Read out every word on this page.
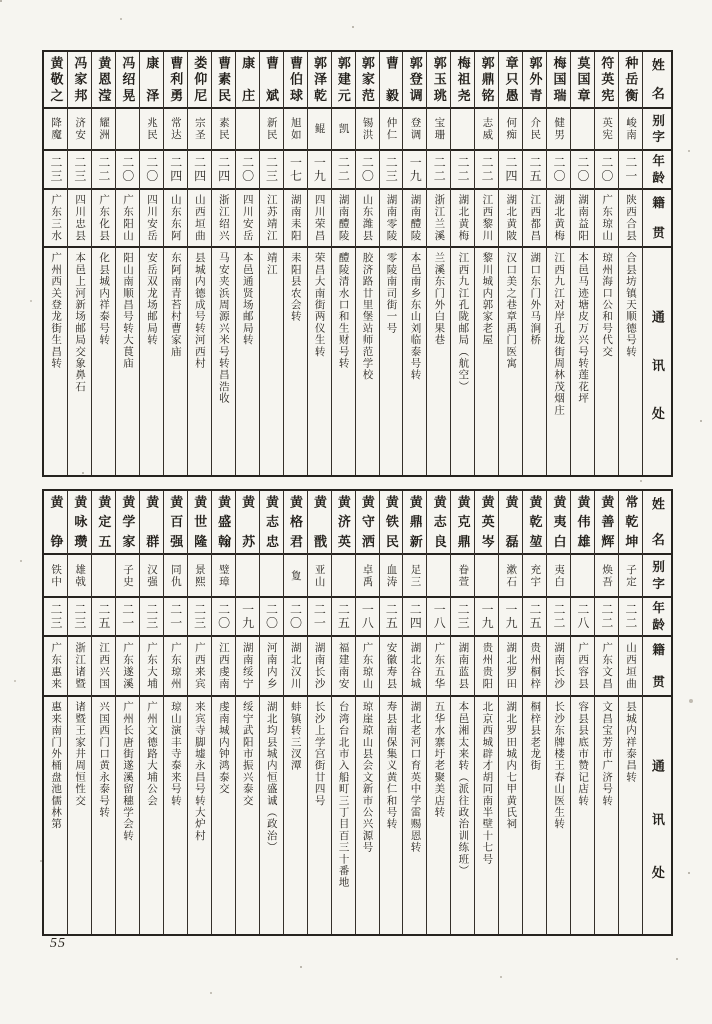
姓名
别字
年龄
籍贯
通讯处
种岳衡
峻南
二一
陕西合县
合县坊镇天顺德号转
符英宪
英宪
二〇
广东琼山
琼州海口公和号代交
莫国章
二〇
湖南益阳
本邑马迹塘皮万兴号转莲花坪
梅国瑞
健男
二〇
湖北黄梅
江西九江对岸孔垅街周林茂烟庄
郭外青
介民
二五
江西都昌
湖口东门外马涧桥
章只愚
何痴
二四
湖北黄陂
汉口美之巷章禹门医寓
郭鼎铭
志威
二二
江西黎川
黎川城内郭家老屋
梅祖尧
二二
湖北黄梅
江西九江孔陇邮局（航空）
郭玉珧
宝珊
二二
浙江兰溪
兰溪东门外白果巷
郭登调
登调
一九
湖南醴陵
本邑南乡东山刘临泰号转
曹毅
仲仁
二三
湖南零陵
零陵南司街一号
郭家范
锡洪
二〇
山东潍县
胶济路廿里堡站师范学校
郭建元
凯
二二
湖南醴陵
醴陵清水口和生财号转
郭泽乾
鲲
一九
四川荣昌
荣昌大南街两仪生转
曹伯球
旭如
一七
湖南耒阳
耒阳县农会转
曹斌
新民
二三
江苏靖江
靖江
康庄
二〇
四川安岳
本邑通贤场邮局转
曹素民
素民
二四
浙江绍兴
马安夹浜周源兴米号转昌浩收
娄仰尼
宗圣
二四
山西垣曲
县城内德成号转河西村
曹利勇
常达
二四
山东东阿
东阿南青苔村曹家庙
康泽
兆民
二〇
四川安岳
安岳双龙场邮局转
冯绍晃
二〇
广东阳山
阳山南顺昌号转大茛庙
黄恩滢
耀洲
二二
广东化县
化县城内祥泰号转
冯家邦
济安
二三
四川忠县
本邑上河新场邮局交象鼻石
黄敬之
降魔
二三
广东三水
广州西关登龙街生昌转
姓名
别字
年龄
籍贯
通讯处
常乾坤
子定
二二
山西垣曲
县城内祥泰昌转
黄善辉
焕吾
二二
广东文昌
文昌宝芳市广济号转
黄伟雄
二八
广西容县
容县县底市赞记店转
黄夷白
夷白
二二
湖南长沙
长沙东牌楼王春山医生转
黄乾堃
充宇
二五
贵州桐梓
桐梓县老龙街
黄磊
漱石
一九
湖北罗田
湖北罗田城内七甲黄氏祠
黄英岑
一九
贵州贵阳
北京西城辟才胡同南半壁十七号
黄克鼎
眷萱
二三
湖南蓝县
本邑湘太来转（派往政治训练班）
黄志良
一八
广东五华
五华水寨圩老聚美店转
黄鼎新
足三
二四
湖北谷城
湖北老河口育英中学雷赐恩转
黄铁民
血涛
二五
安徽寿县
寿县南保集义黄仁和号转
黄守洒
卓禹
一八
广东琼山
琼崖琼山县会文新市公兴源号
黄济英
二五
福建南安
台湾台北市入船町三丁目百三十番地
黄戬
亚山
二一
湖南长沙
长沙上学宫街廿四号
黄格君
夐
二〇
湖北汉川
蚌镇转三汊潭
黄志忠
二〇
河南内乡
湖北均县城内恒盛诚（政治）
黄苏
一九
湖南绥宁
绥宁武阳市振兴泰交
黄盛翰
璧璋
二〇
江西虔南
虔南城内钟鸿泰交
黄世隆
景熙
二三
广西来宾
来宾寺脚墟永昌号转大炉村
黄百强
同仇
二一
广东琼州
琼山演丰寺泰来号转
黄群
汉强
二三
广东大埔
广州文德路大埔公会
黄学家
子史
二一
广东遂溪
广州长唐街遂溪留穗学会转
黄定五
二五
江西兴国
兴国西门口黄永泰号转
黄咏瓒
雄戟
二三
浙江诸暨
诸暨王家井周恒性交
黄铮
铁中
二三
广东惠来
惠来南门外桶盘池儒林第
55
